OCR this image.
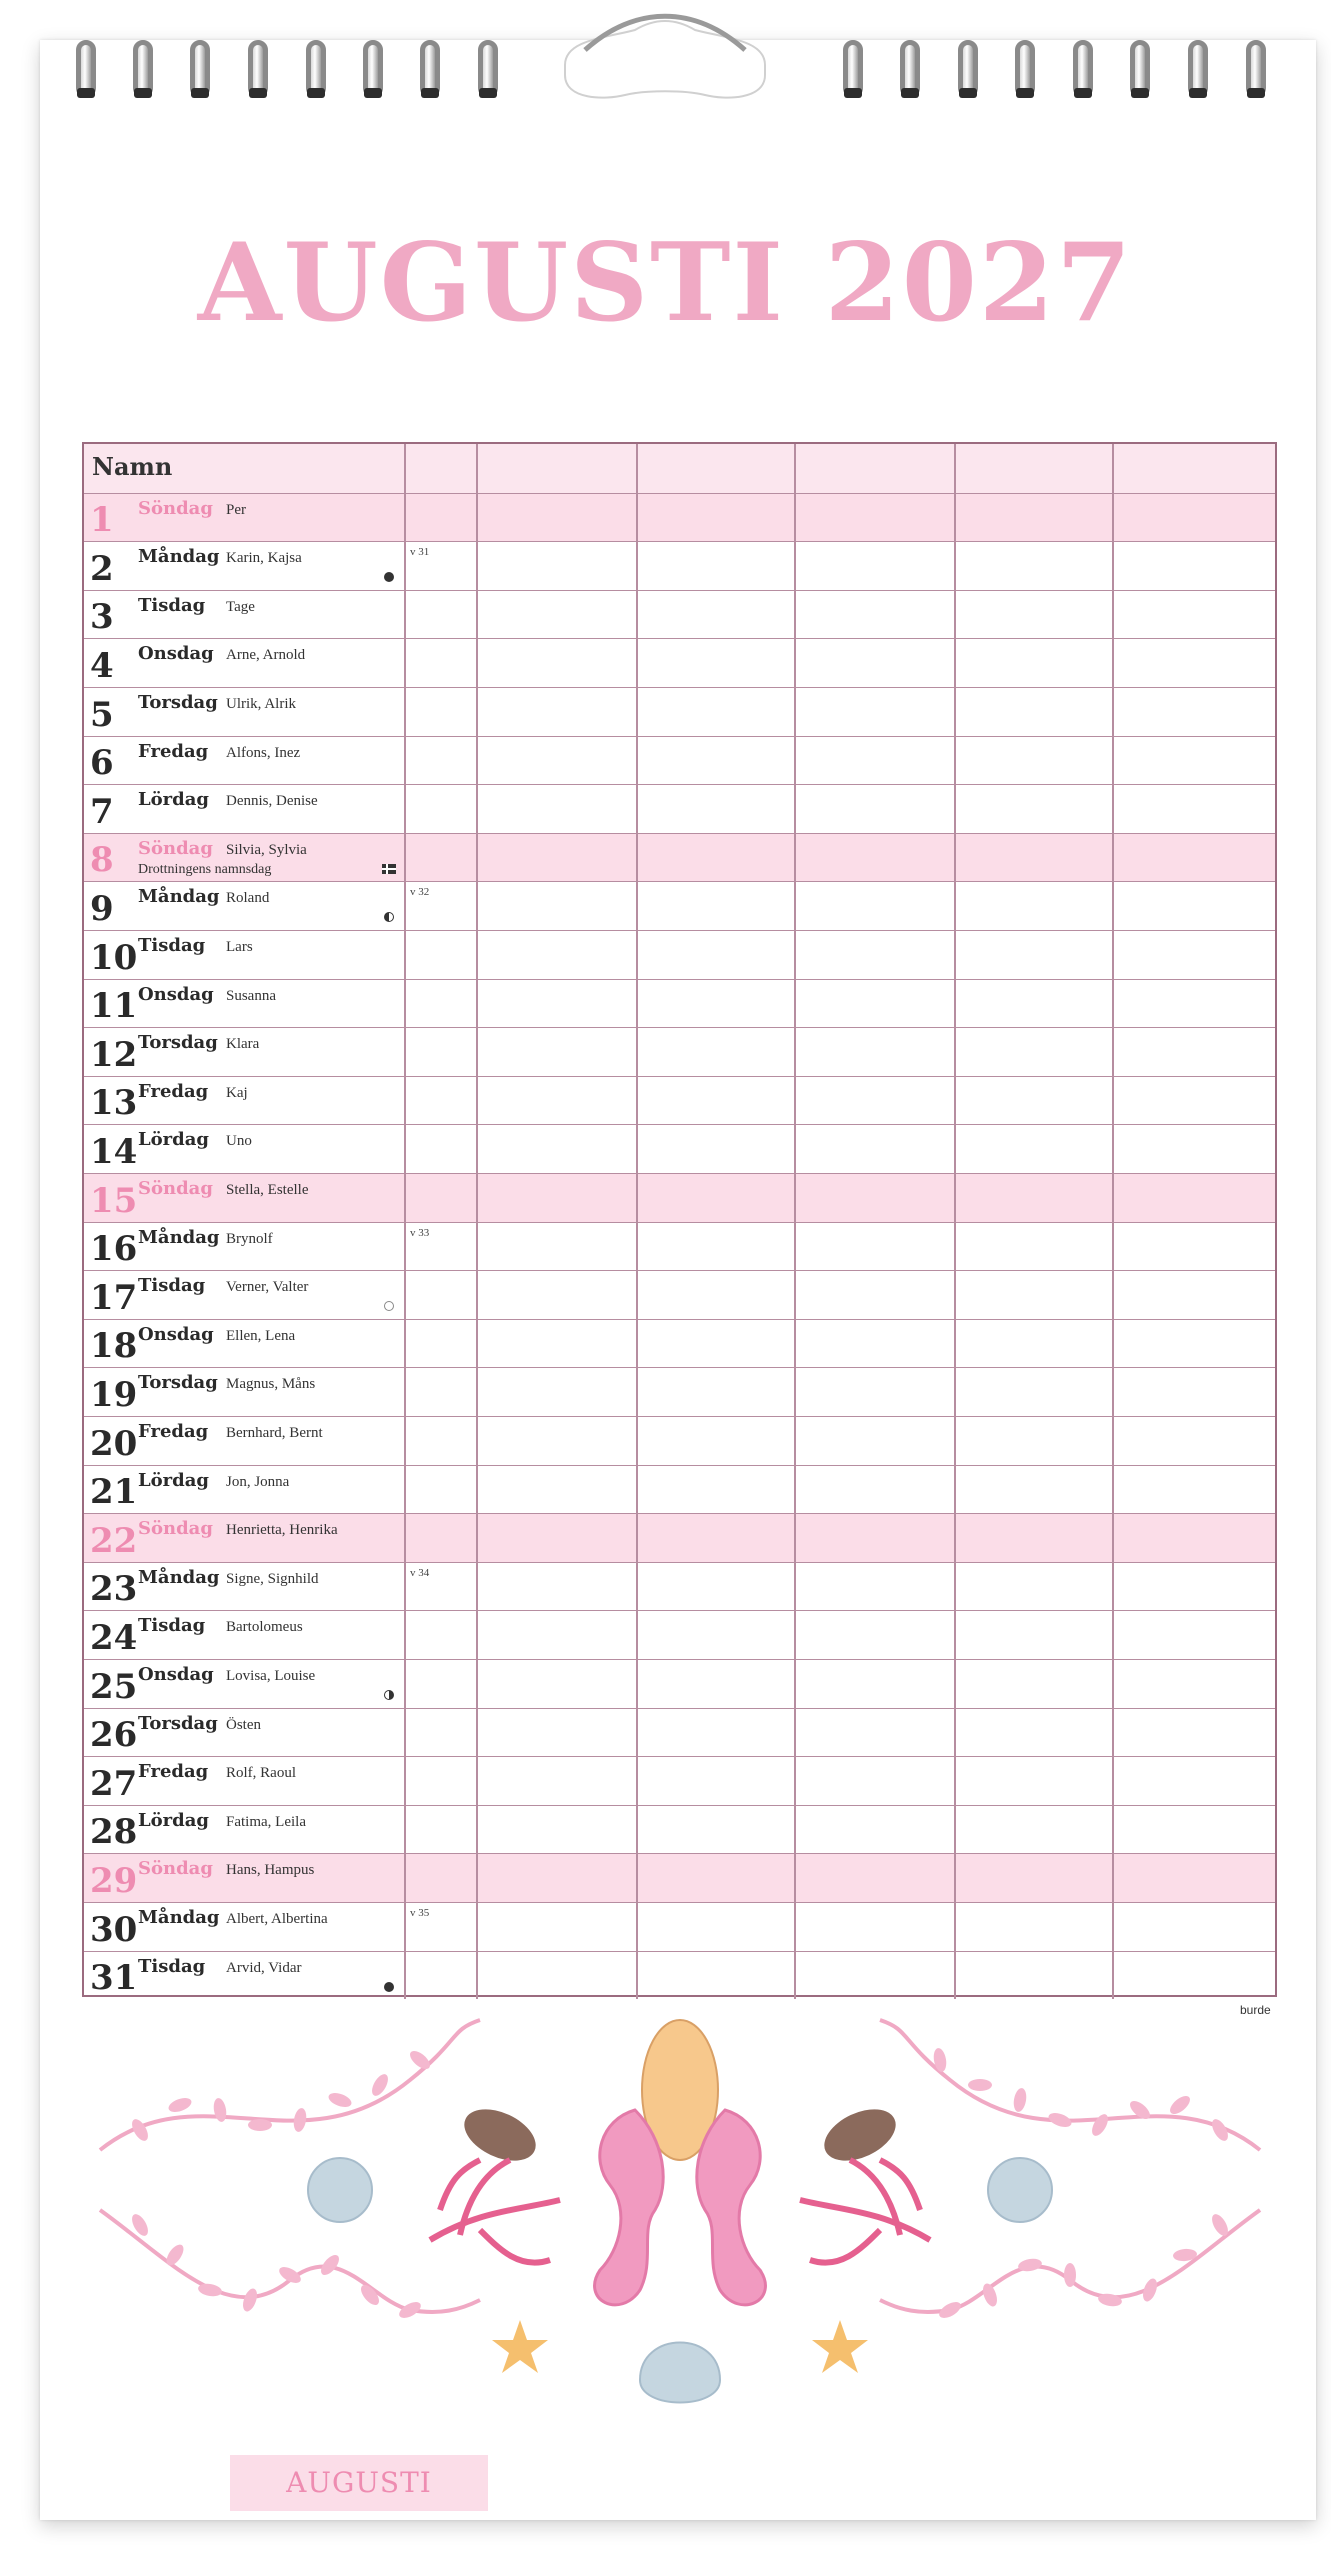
AUGUSTI 2027
Namn
1 Söndag Per
2 Måndag Karin, Kajsa	v 31
3 Tisdag Tage
4 Onsdag Arne, Arnold
5 Torsdag Ulrik, Alrik
6 Fredag Alfons, Inez
7 Lördag Dennis, Denise
8 Söndag Silvia, Sylvia
Drottningens namnsdag
9 Måndag Roland	v 32
10 Tisdag Lars
11 Onsdag Susanna
12 Torsdag Klara
13 Fredag Kaj
14 Lördag Uno
15 Söndag Stella, Estelle
16 Måndag Brynolf	v 33
17 Tisdag Verner, Valter
18 Onsdag Ellen, Lena
19 Torsdag Magnus, Måns
20 Fredag Bernhard, Bernt
21 Lördag Jon, Jonna
22 Söndag Henrietta, Henrika
23 Måndag Signe, Signhild	v 34
24 Tisdag Bartolomeus
25 Onsdag Lovisa, Louise
26 Torsdag Östen
27 Fredag Rolf, Raoul
28 Lördag Fatima, Leila
29 Söndag Hans, Hampus
30 Måndag Albert, Albertina	v 35
31 Tisdag Arvid, Vidar
burde
AUGUSTI
